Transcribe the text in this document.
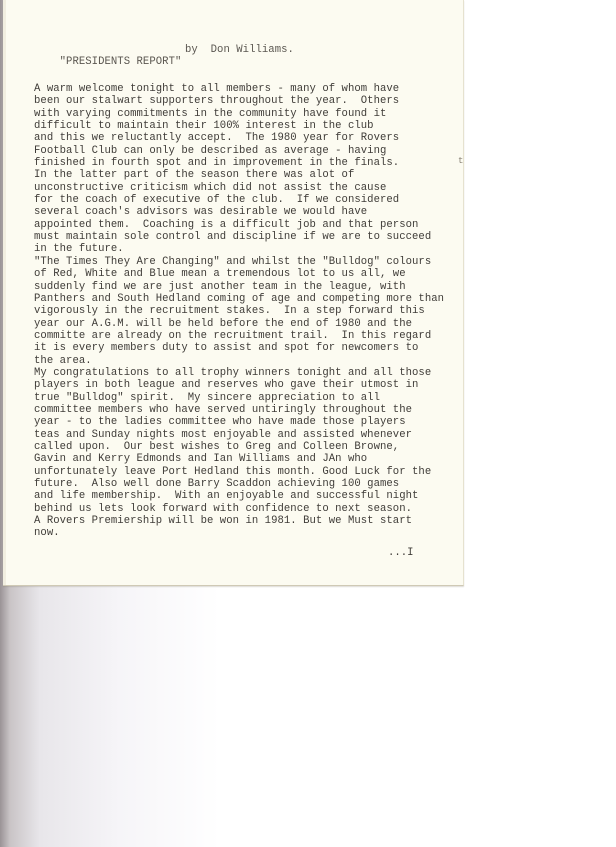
"PRESIDENTS REPORT"

by  Don Williams.

A warm welcome tonight to all members - many of whom have
been our stalwart supporters throughout the year.  Others
with varying commitments in the community have found it
difficult to maintain their 100% interest in the club
and this we reluctantly accept.  The 1980 year for Rovers
Football Club can only be described as average - having
finished in fourth spot and in improvement in the finals.
In the latter part of the season there was alot of
unconstructive criticism which did not assist the cause
for the coach of executive of the club.  If we considered
several coach's advisors was desirable we would have
appointed them.  Coaching is a difficult job and that person
must maintain sole control and discipline if we are to succeed
in the future.
"The Times They Are Changing" and whilst the "Bulldog" colours
of Red, White and Blue mean a tremendous lot to us all, we
suddenly find we are just another team in the league, with
Panthers and South Hedland coming of age and competing more than
vigorously in the recruitment stakes.  In a step forward this
year our A.G.M. will be held before the end of 1980 and the
committe are already on the recruitment trail.  In this regard
it is every members duty to assist and spot for newcomers to
the area.
My congratulations to all trophy winners tonight and all those
players in both league and reserves who gave their utmost in
true "Bulldog" spirit.  My sincere appreciation to all
committee members who have served untiringly throughout the
year - to the ladies committee who have made those players
teas and Sunday nights most enjoyable and assisted whenever
called upon.  Our best wishes to Greg and Colleen Browne,
Gavin and Kerry Edmonds and Ian Williams and JAn who
unfortunately leave Port Hedland this month. Good Luck for the
future.  Also well done Barry Scaddon achieving 100 games
and life membership.  With an enjoyable and successful night
behind us lets look forward with confidence to next season.
A Rovers Premiership will be won in 1981. But we Must start
now.
t
...I
